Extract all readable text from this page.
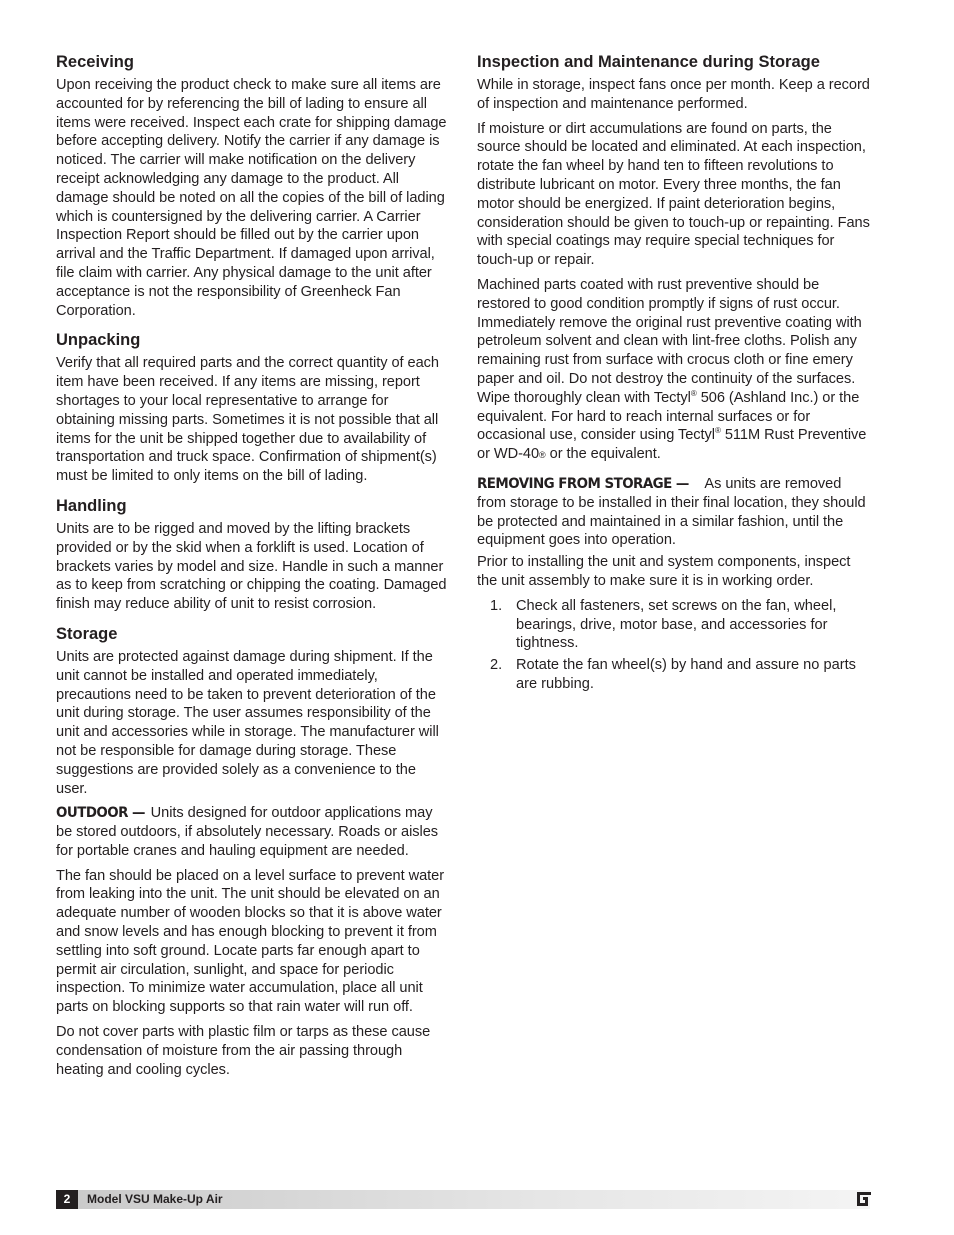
Receiving

Upon receiving the product check to make sure all items are accounted for by referencing the bill of lading to ensure all items were received. Inspect each crate for shipping damage before accepting delivery. Notify the carrier if any damage is noticed. The carrier will make notification on the delivery receipt acknowledging any damage to the product. All damage should be noted on all the copies of the bill of lading which is countersigned by the delivering carrier. A Carrier Inspection Report should be filled out by the carrier upon arrival and the Traffic Department. If damaged upon arrival, file claim with carrier. Any physical damage to the unit after acceptance is not the responsibility of Greenheck Fan Corporation.

Unpacking

Verify that all required parts and the correct quantity of each item have been received. If any items are missing, report shortages to your local representative to arrange for obtaining missing parts. Sometimes it is not possible that all items for the unit be shipped together due to availability of transportation and truck space. Confirmation of shipment(s) must be limited to only items on the bill of lading.

Handling

Units are to be rigged and moved by the lifting brackets provided or by the skid when a forklift is used. Location of brackets varies by model and size. Handle in such a manner as to keep from scratching or chipping the coating. Damaged finish may reduce ability of unit to resist corrosion.

Storage

Units are protected against damage during shipment. If the unit cannot be installed and operated immediately, precautions need to be taken to prevent deterioration of the unit during storage. The user assumes responsibility of the unit and accessories while in storage. The manufacturer will not be responsible for damage during storage. These suggestions are provided solely as a convenience to the user.

OUTDOOR — Units designed for outdoor applications may be stored outdoors, if absolutely necessary. Roads or aisles for portable cranes and hauling equipment are needed.

The fan should be placed on a level surface to prevent water from leaking into the unit. The unit should be elevated on an adequate number of wooden blocks so that it is above water and snow levels and has enough blocking to prevent it from settling into soft ground. Locate parts far enough apart to permit air circulation, sunlight, and space for periodic inspection. To minimize water accumulation, place all unit parts on blocking supports so that rain water will run off.

Do not cover parts with plastic film or tarps as these cause condensation of moisture from the air passing through heating and cooling cycles.

Inspection and Maintenance during Storage

While in storage, inspect fans once per month. Keep a record of inspection and maintenance performed.

If moisture or dirt accumulations are found on parts, the source should be located and eliminated. At each inspection, rotate the fan wheel by hand ten to fifteen revolutions to distribute lubricant on motor. Every three months, the fan motor should be energized. If paint deterioration begins, consideration should be given to touch-up or repainting. Fans with special coatings may require special techniques for touch-up or repair.

Machined parts coated with rust preventive should be restored to good condition promptly if signs of rust occur. Immediately remove the original rust preventive coating with petroleum solvent and clean with lint-free cloths. Polish any remaining rust from surface with crocus cloth or fine emery paper and oil. Do not destroy the continuity of the surfaces. Wipe thoroughly clean with Tectyl® 506 (Ashland Inc.) or the equivalent. For hard to reach internal surfaces or for occasional use, consider using Tectyl® 511M Rust Preventive or WD-40® or the equivalent.

REMOVING FROM STORAGE — As units are removed from storage to be installed in their final location, they should be protected and maintained in a similar fashion, until the equipment goes into operation.

Prior to installing the unit and system components, inspect the unit assembly to make sure it is in working order.

1. Check all fasteners, set screws on the fan, wheel, bearings, drive, motor base, and accessories for tightness.
2. Rotate the fan wheel(s) by hand and assure no parts are rubbing.
2	Model VSU Make-Up Air
